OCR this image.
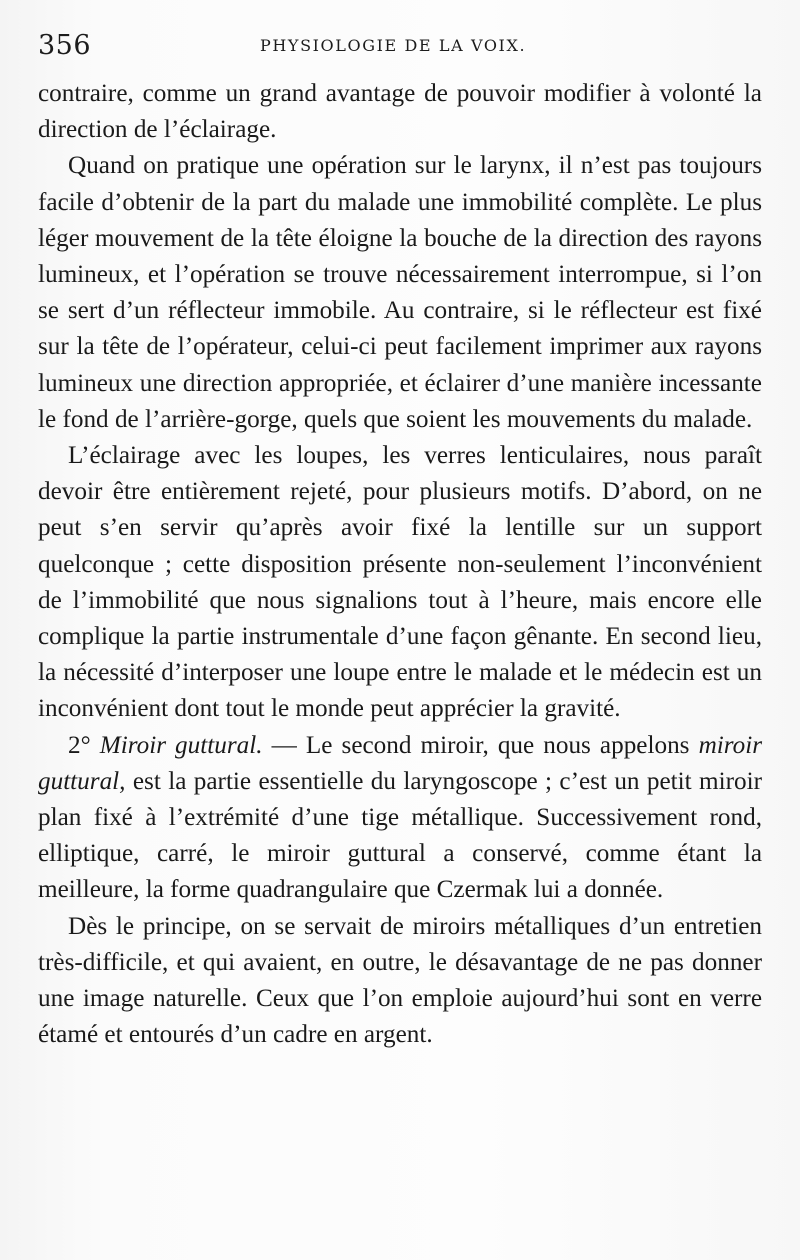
356	PHYSIOLOGIE DE LA VOIX.

contraire, comme un grand avantage de pouvoir modifier à volonté la direction de l’éclairage.

Quand on pratique une opération sur le larynx, il n’est pas toujours facile d’obtenir de la part du malade une immobilité complète. Le plus léger mouvement de la tête éloigne la bouche de la direction des rayons lumineux, et l’opération se trouve nécessairement interrompue, si l’on se sert d’un réflecteur immobile. Au contraire, si le réflecteur est fixé sur la tête de l’opérateur, celui-ci peut facilement imprimer aux rayons lumineux une direction appropriée, et éclairer d’une manière incessante le fond de l’arrière-gorge, quels que soient les mouvements du malade.

L’éclairage avec les loupes, les verres lenticulaires, nous paraît devoir être entièrement rejeté, pour plusieurs motifs. D’abord, on ne peut s’en servir qu’après avoir fixé la lentille sur un support quelconque ; cette disposition présente non-seulement l’inconvénient de l’immobilité que nous signalions tout à l’heure, mais encore elle complique la partie instrumentale d’une façon gênante. En second lieu, la nécessité d’interposer une loupe entre le malade et le médecin est un inconvénient dont tout le monde peut apprécier la gravité.

2° Miroir guttural. — Le second miroir, que nous appelons miroir guttural, est la partie essentielle du laryngoscope ; c’est un petit miroir plan fixé à l’extrémité d’une tige métallique. Successivement rond, elliptique, carré, le miroir guttural a conservé, comme étant la meilleure, la forme quadrangulaire que Czermak lui a donnée.

Dès le principe, on se servait de miroirs métalliques d’un entretien très-difficile, et qui avaient, en outre, le désavantage de ne pas donner une image naturelle. Ceux que l’on emploie aujourd’hui sont en verre étamé et entourés d’un cadre en argent.
